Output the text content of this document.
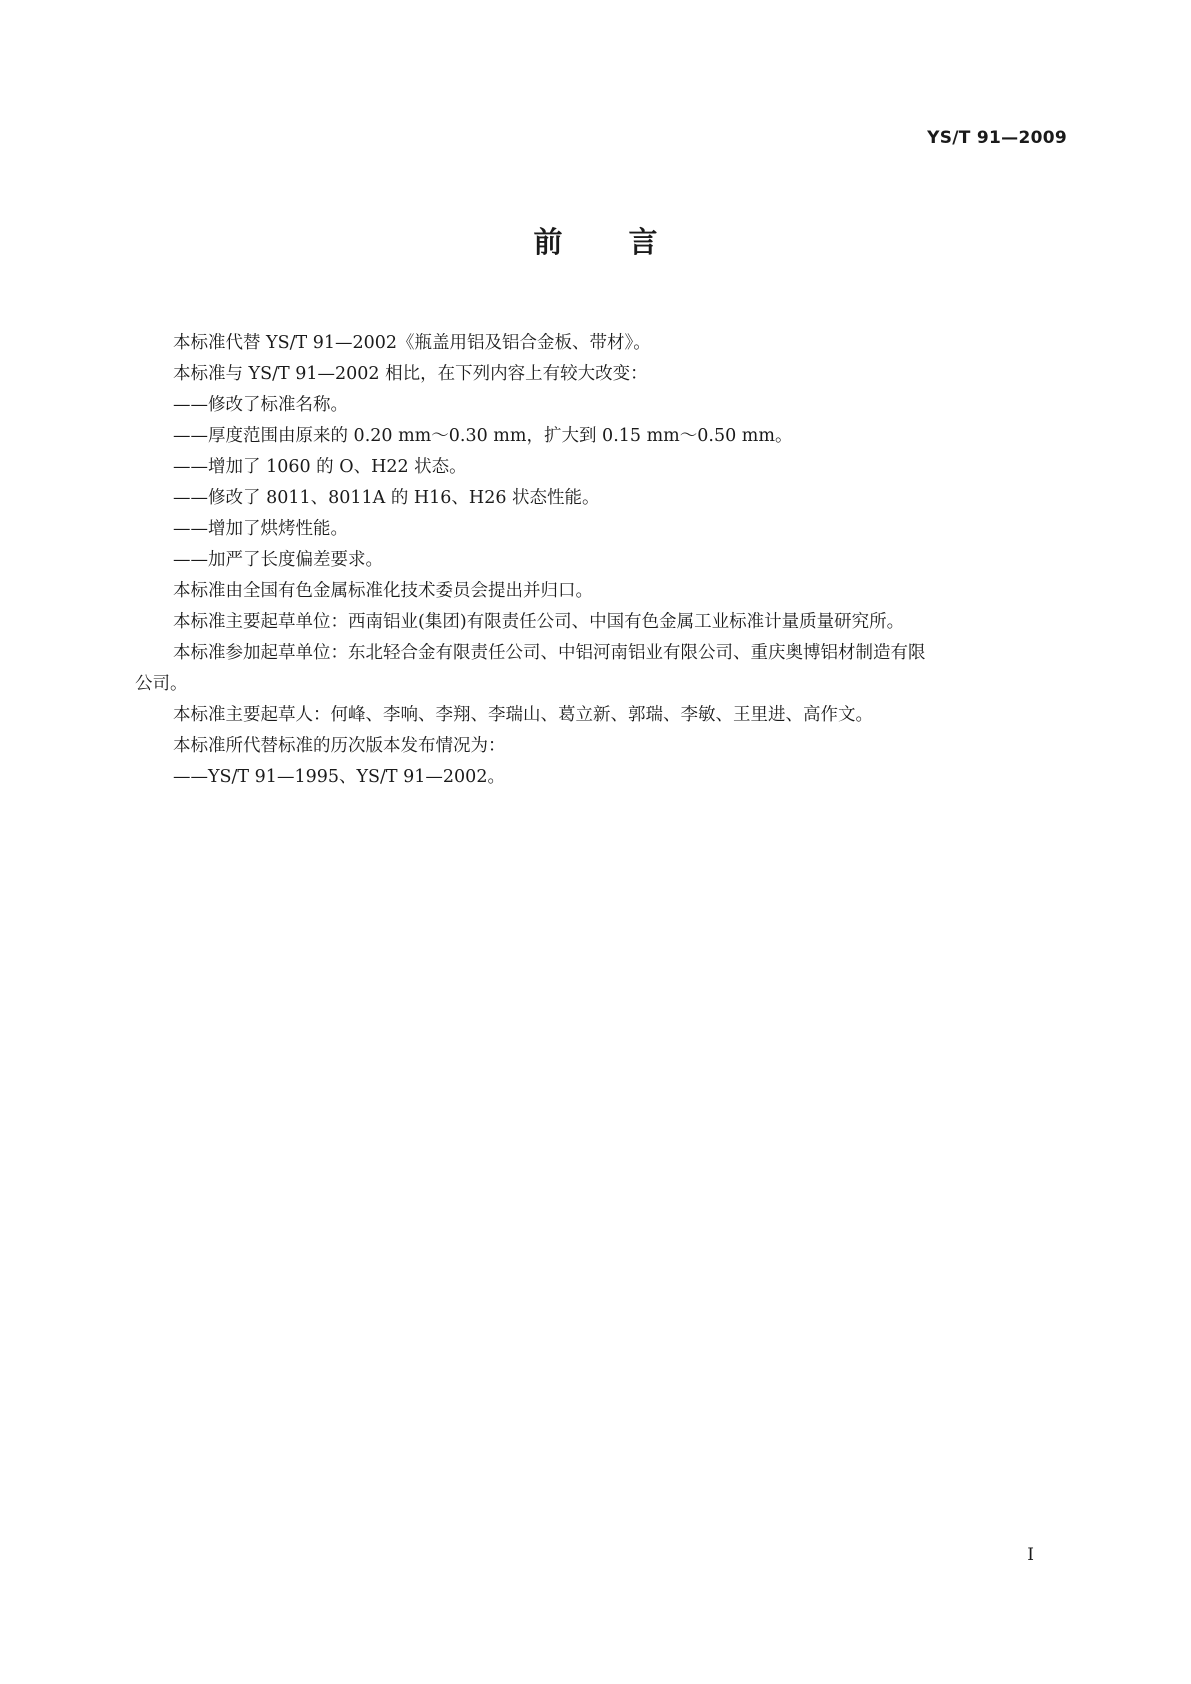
YS/T 91—2009
前 言
本标准代替 YS/T 91—2002《瓶盖用铝及铝合金板、带材》。
本标准与 YS/T 91—2002 相比，在下列内容上有较大改变：
——修改了标准名称。
——厚度范围由原来的 0.20 mm～0.30 mm，扩大到 0.15 mm～0.50 mm。
——增加了 1060 的 O、H22 状态。
——修改了 8011、8011A 的 H16、H26 状态性能。
——增加了烘烤性能。
——加严了长度偏差要求。
本标准由全国有色金属标准化技术委员会提出并归口。
本标准主要起草单位：西南铝业(集团)有限责任公司、中国有色金属工业标准计量质量研究所。
本标准参加起草单位：东北轻合金有限责任公司、中铝河南铝业有限公司、重庆奥博铝材制造有限
公司。
本标准主要起草人：何峰、李响、李翔、李瑞山、葛立新、郭瑞、李敏、王里进、高作文。
本标准所代替标准的历次版本发布情况为：
——YS/T 91—1995、YS/T 91—2002。
I
